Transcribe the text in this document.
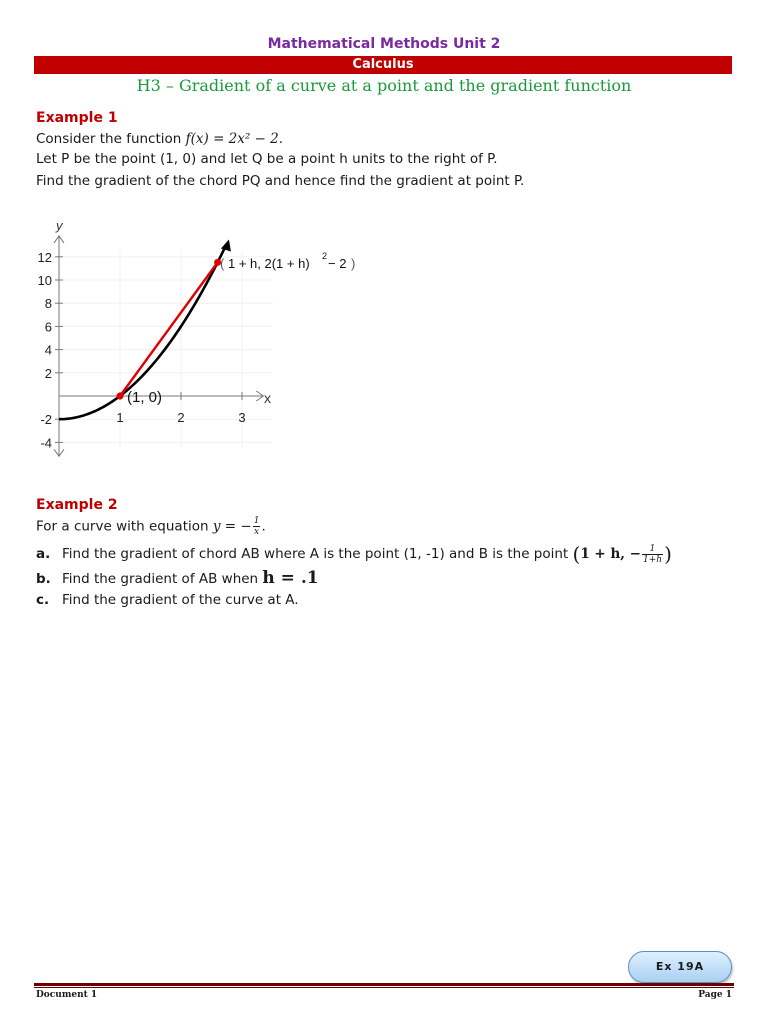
Mathematical Methods Unit 2
Calculus
H3 – Gradient of a curve at a point and the gradient function
Example 1
Consider the function f(x) = 2x² − 2.
Let P be the point (1, 0) and let Q be a point h units to the right of P.
Find the gradient of the chord PQ and hence find the gradient at point P.
12
10
8
6
4
2
-2
-4
1	2	3
y
x
(1, 0)
( 1 + h, 2(1 + h) 2 − 2 )
Example 2
For a curve with equation y = − $\frac{1}{x}$ .
a. Find the gradient of chord AB where A is the point (1, -1) and B is the point (1 + h, − $\frac{1}{1+h}$ )
b. Find the gradient of AB when h = .1
c. Find the gradient of the curve at A.
Ex 19A
Document 1	Page 1
